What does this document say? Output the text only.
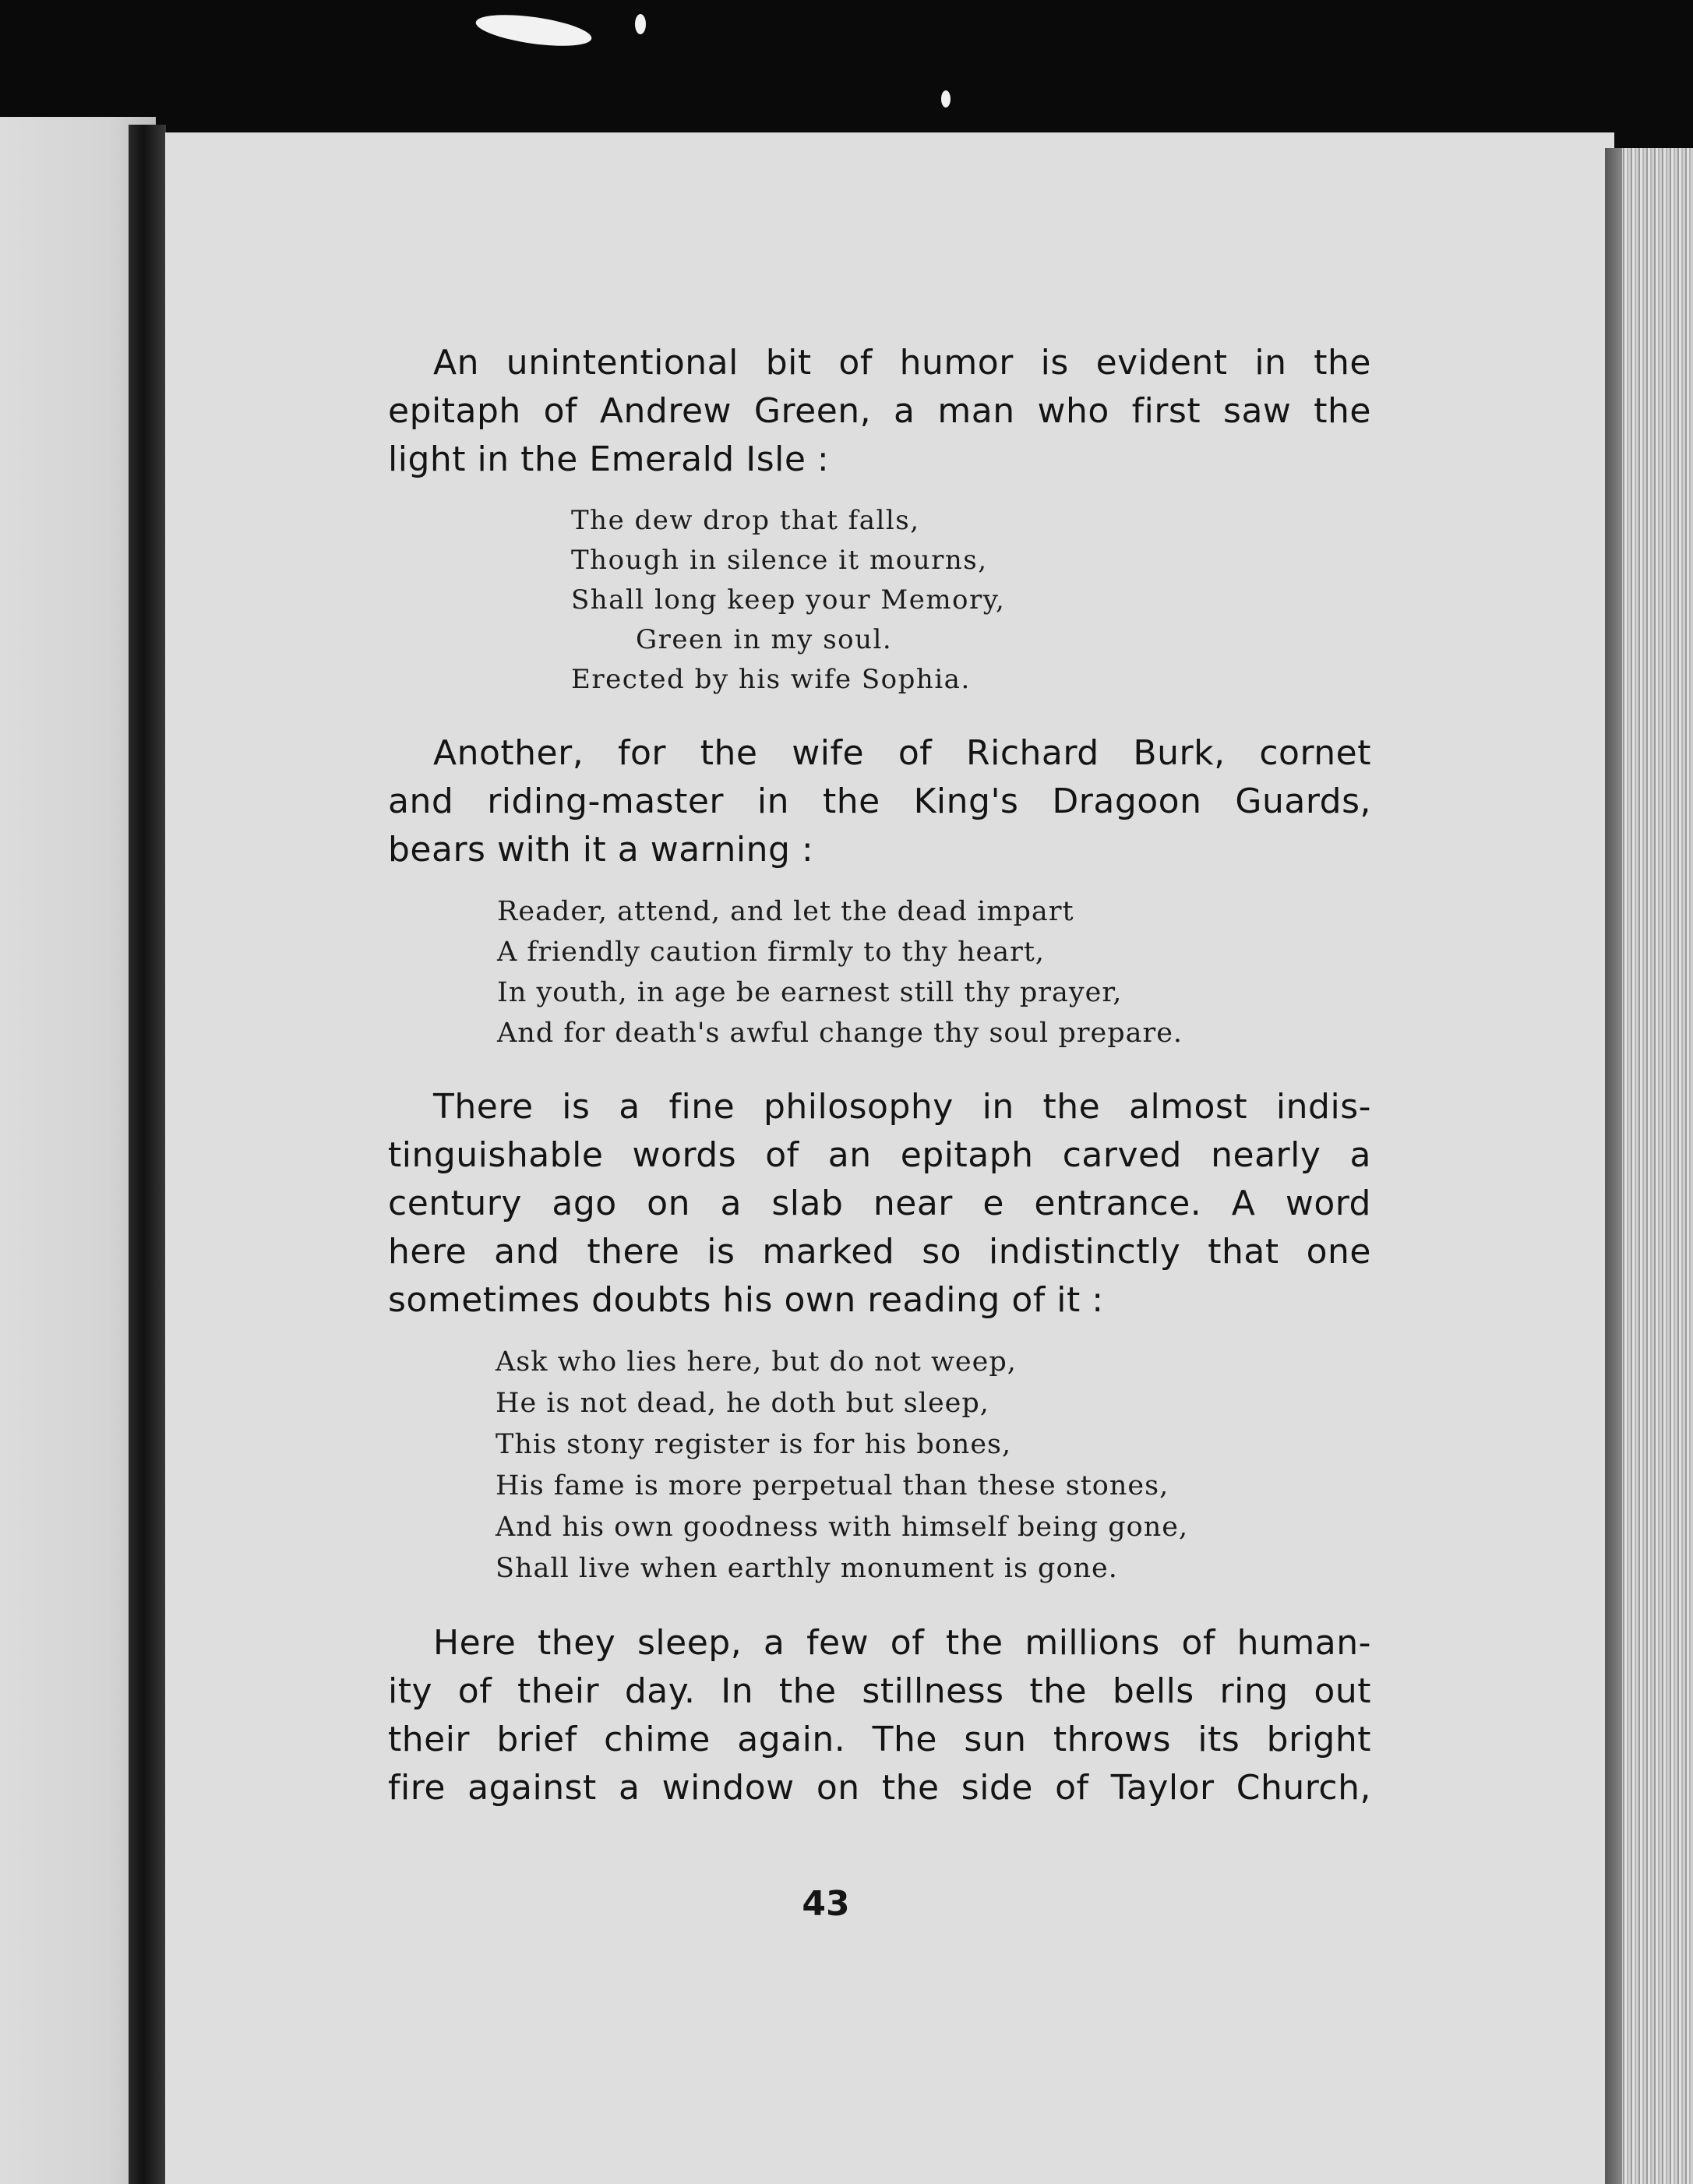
An unintentional bit of humor is evident in the
epitaph of Andrew Green, a man who first saw the
light in the Emerald Isle :

The dew drop that falls,
Though in silence it mourns,
Shall long keep your Memory,
Green in my soul.
Erected by his wife Sophia.

Another, for the wife of Richard Burk, cornet
and riding-master in the King's Dragoon Guards,
bears with it a warning :

Reader, attend, and let the dead impart
A friendly caution firmly to thy heart,
In youth, in age be earnest still thy prayer,
And for death's awful change thy soul prepare.

There is a fine philosophy in the almost indis-
tinguishable words of an epitaph carved nearly a
century ago on a slab near e entrance. A word
here and there is marked so indistinctly that one
sometimes doubts his own reading of it :

Ask who lies here, but do not weep,
He is not dead, he doth but sleep,
This stony register is for his bones,
His fame is more perpetual than these stones,
And his own goodness with himself being gone,
Shall live when earthly monument is gone.

Here they sleep, a few of the millions of human-
ity of their day. In the stillness the bells ring out
their brief chime again. The sun throws its bright
fire against a window on the side of Taylor Church,

43
